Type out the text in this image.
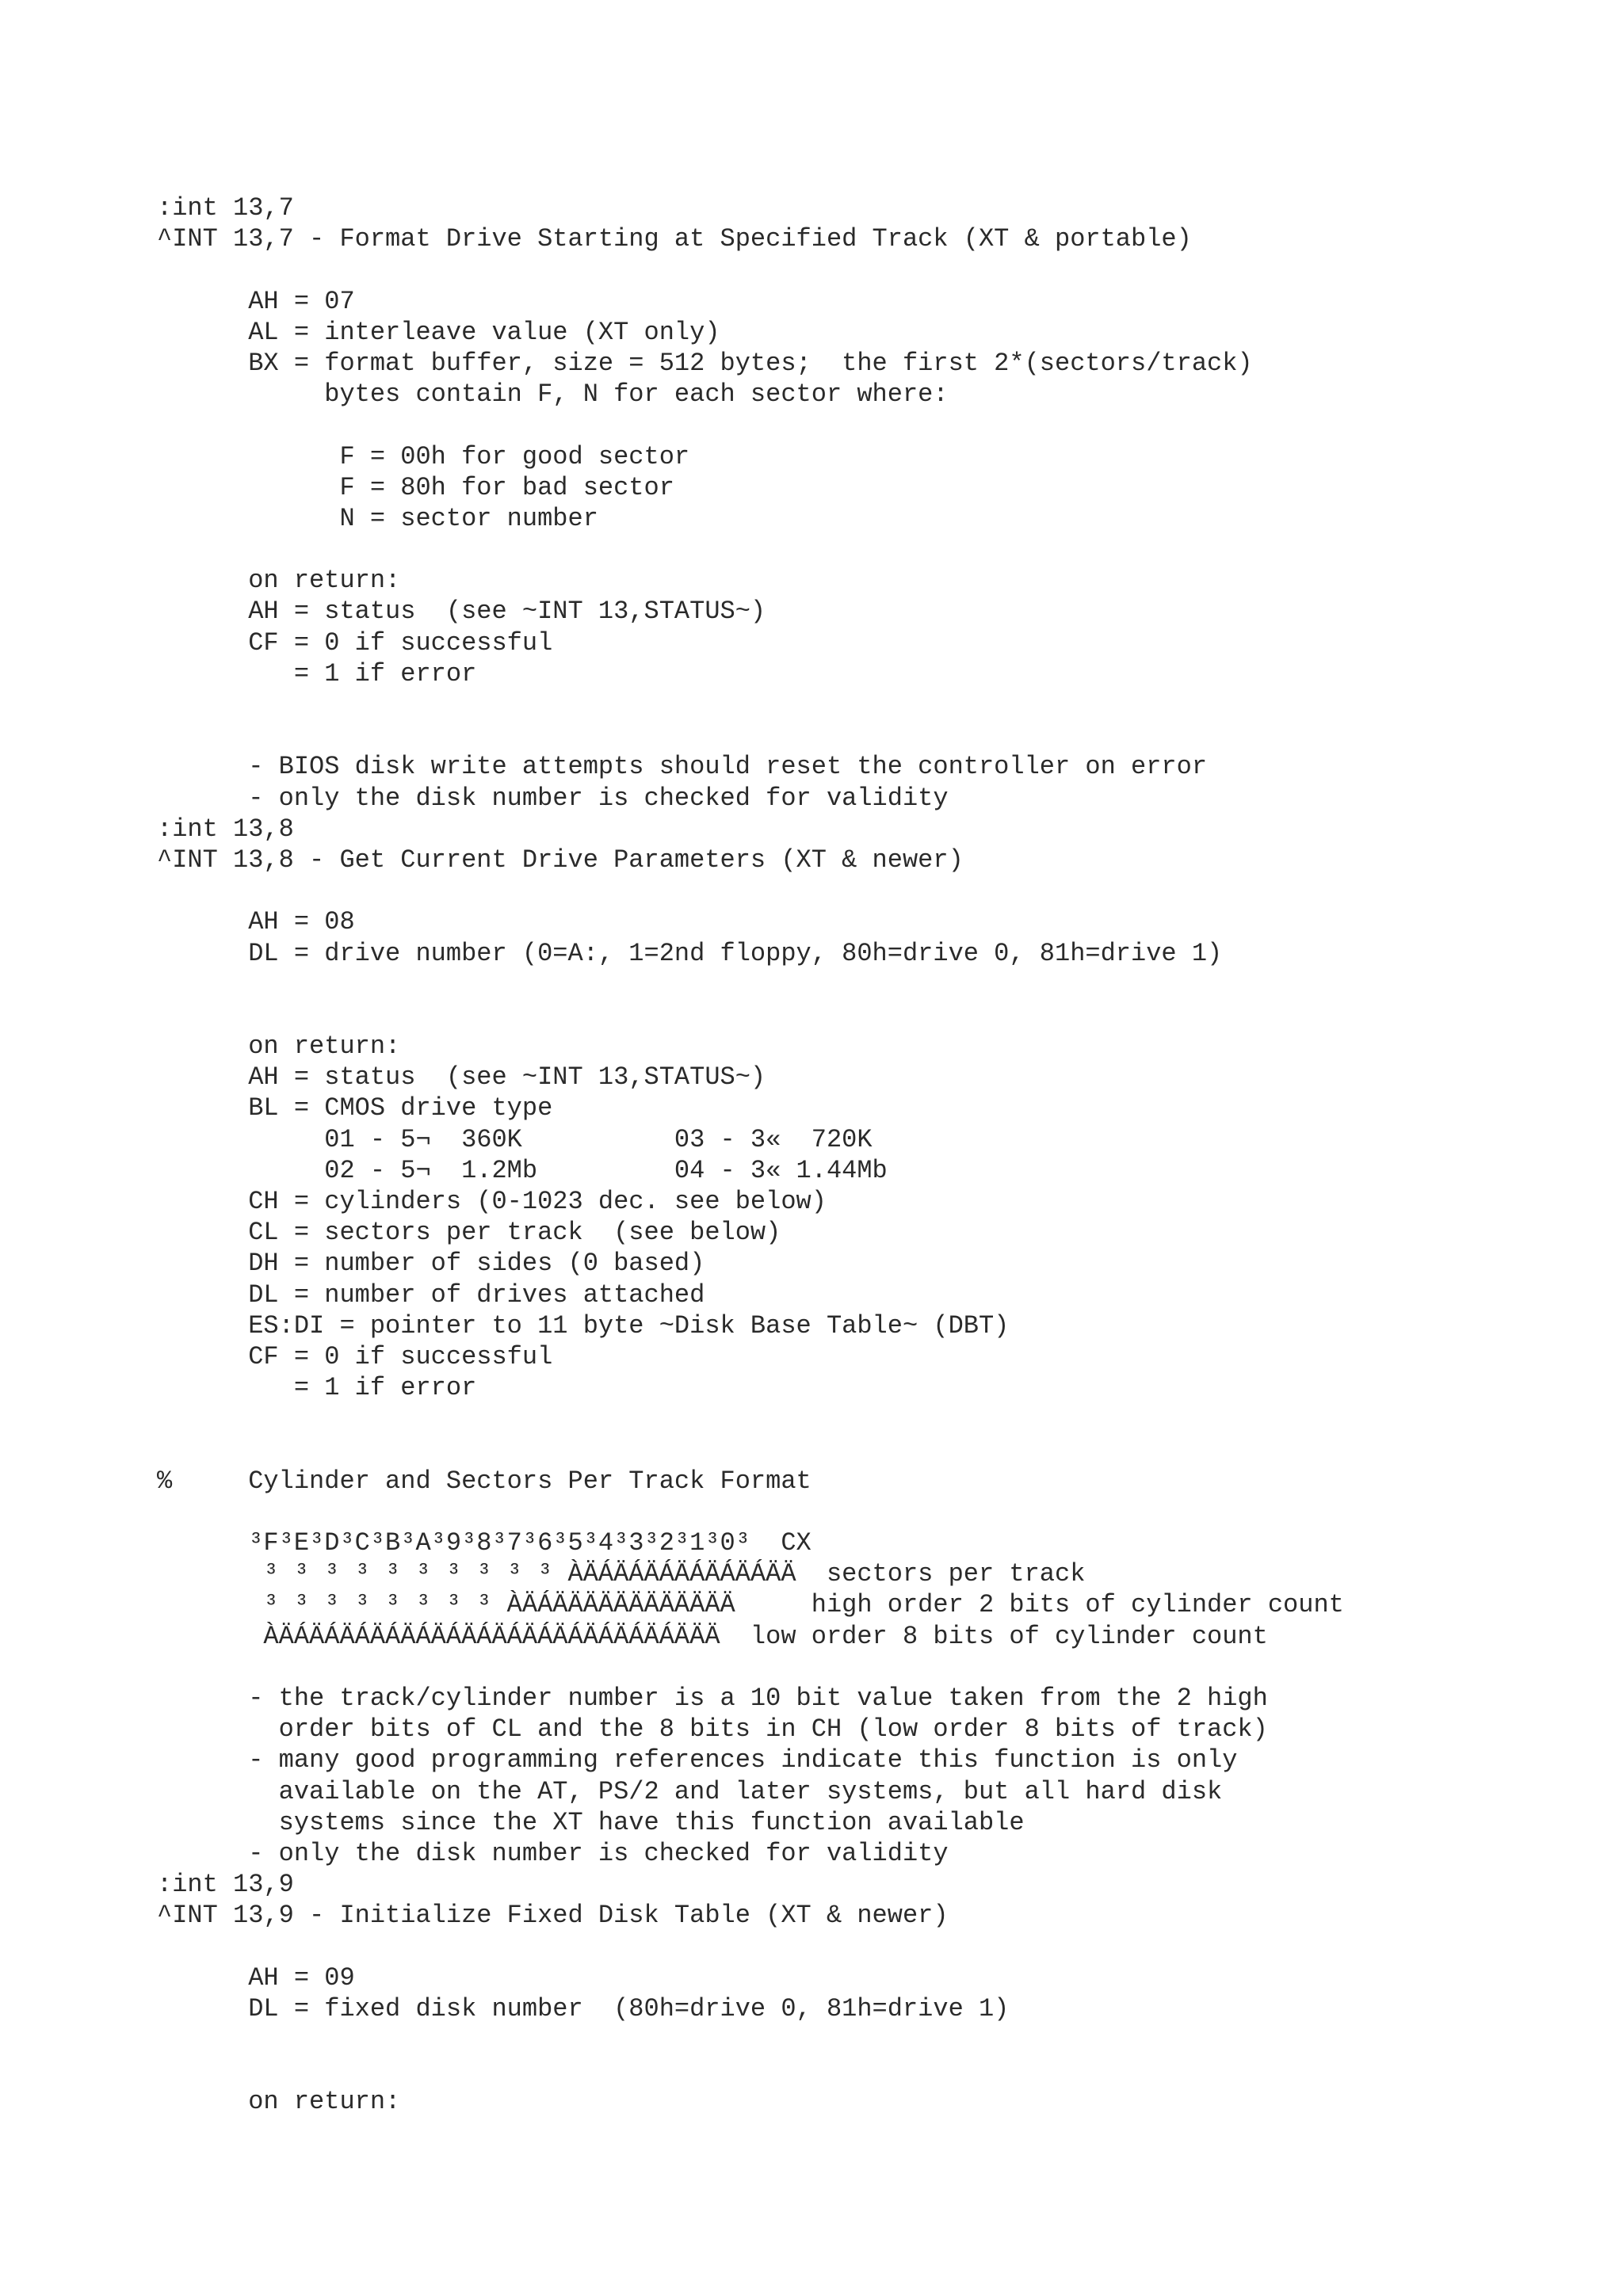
:int 13,7
^INT 13,7 - Format Drive Starting at Specified Track (XT & portable)
AH = 07
AL = interleave value (XT only)
BX = format buffer, size = 512 bytes;  the first 2*(sectors/track)
bytes contain F, N for each sector where:
F = 00h for good sector
F = 80h for bad sector
N = sector number
on return:
AH = status  (see ~INT 13,STATUS~)
CF = 0 if successful
= 1 if error
- BIOS disk write attempts should reset the controller on error
- only the disk number is checked for validity
:int 13,8
^INT 13,8 - Get Current Drive Parameters (XT & newer)
AH = 08
DL = drive number (0=A:, 1=2nd floppy, 80h=drive 0, 81h=drive 1)
on return:
AH = status  (see ~INT 13,STATUS~)
BL = CMOS drive type
01 - 5¬  360K          03 - 3«  720K
02 - 5¬  1.2Mb         04 - 3« 1.44Mb
CH = cylinders (0-1023 dec. see below)
CL = sectors per track  (see below)
DH = number of sides (0 based)
DL = number of drives attached
ES:DI = pointer to 11 byte ~Disk Base Table~ (DBT)
CF = 0 if successful
= 1 if error
%     Cylinder and Sectors Per Track Format
³F³E³D³C³B³A³9³8³7³6³5³4³3³2³1³0³  CX
³ ³ ³ ³ ³ ³ ³ ³ ³ ³ ÀÄÁÄÁÄÁÄÁÄÁÄÁÄÄ  sectors per track
³ ³ ³ ³ ³ ³ ³ ³ ÀÄÁÄÄÄÄÄÄÄÄÄÄÄÄ     high order 2 bits of cylinder count
ÀÄÁÄÁÄÁÄÁÄÁÄÁÄÁÄÁÄÁÄÁÄÁÄÁÄÁÄÄÄ  low order 8 bits of cylinder count
- the track/cylinder number is a 10 bit value taken from the 2 high
order bits of CL and the 8 bits in CH (low order 8 bits of track)
- many good programming references indicate this function is only
available on the AT, PS/2 and later systems, but all hard disk
systems since the XT have this function available
- only the disk number is checked for validity
:int 13,9
^INT 13,9 - Initialize Fixed Disk Table (XT & newer)
AH = 09
DL = fixed disk number  (80h=drive 0, 81h=drive 1)
on return:
